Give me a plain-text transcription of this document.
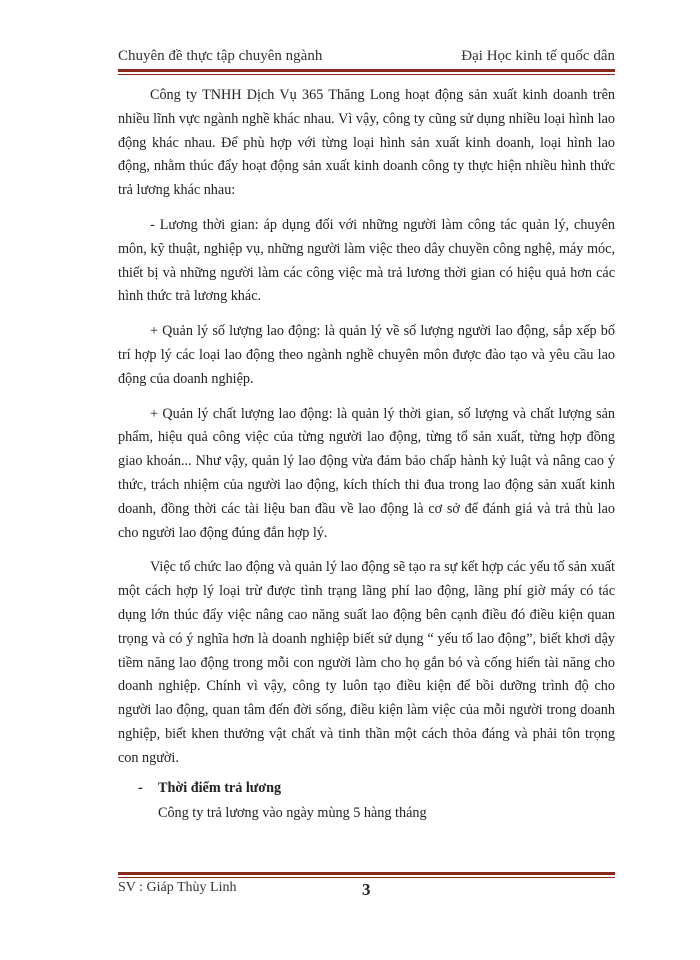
Chuyên đề thực tập chuyên ngành	Đại Học kinh tế quốc dân

Công ty TNHH Dịch Vụ 365 Thăng Long hoạt động sản xuất kinh doanh trên nhiều lĩnh vực ngành nghề khác nhau. Vì vậy, công ty cũng sử dụng nhiều loại hình lao động khác nhau. Để phù hợp với từng loại hình sản xuất kinh doanh, loại hình lao động, nhằm thúc đẩy hoạt động sản xuất kinh doanh công ty thực hiện nhiều hình thức trả lương khác nhau:

- Lương thời gian: áp dụng đối với những người làm công tác quản lý, chuyên môn, kỹ thuật, nghiệp vụ, những người làm việc theo dây chuyền công nghệ, máy móc, thiết bị và những người làm các công việc mà trả lương thời gian có hiệu quả hơn các hình thức trả lương khác.

+ Quản lý số lượng lao động: là quản lý về số lượng người lao động, sắp xếp bố trí hợp lý các loại lao động theo ngành nghề chuyên môn được đào tạo và yêu cầu lao động của doanh nghiệp.

+ Quản lý chất lượng lao động: là quản lý thời gian, số lượng và chất lượng sản phẩm, hiệu quả công việc của từng người lao động, từng tổ sản xuất, từng hợp đồng giao khoán... Như vậy, quản lý lao động vừa đảm bảo chấp hành kỷ luật và nâng cao ý thức, trách nhiệm của người lao động, kích thích thi đua trong lao động sản xuất kinh doanh, đồng thời các tài liệu ban đầu về lao động là cơ sở để đánh giá và trả thù lao cho người lao động đúng đắn hợp lý.

Việc tổ chức lao động và quản lý lao động sẽ tạo ra sự kết hợp các yếu tố sản xuất một cách hợp lý loại trừ được tình trạng lãng phí lao động, lãng phí giờ máy có tác dụng lớn thúc đẩy việc nâng cao năng suất lao động bên cạnh điều đó điều kiện quan trọng và có ý nghĩa hơn là doanh nghiệp biết sử dụng “ yếu tố lao động”, biết khơi dậy tiềm năng lao động trong mỗi con người làm cho họ gắn bó và cống hiến tài năng cho doanh nghiệp. Chính vì vậy, công ty luôn tạo điều kiện để bồi dưỡng trình độ cho người lao động, quan tâm đến đời sống, điều kiện làm việc của mỗi người trong doanh nghiệp, biết khen thưởng vật chất và tinh thần một cách thỏa đáng và phải tôn trọng con người.

- Thời điểm trả lương
Công ty trả lương vào ngày mùng 5 hàng tháng
SV : Giáp Thùy Linh	3
